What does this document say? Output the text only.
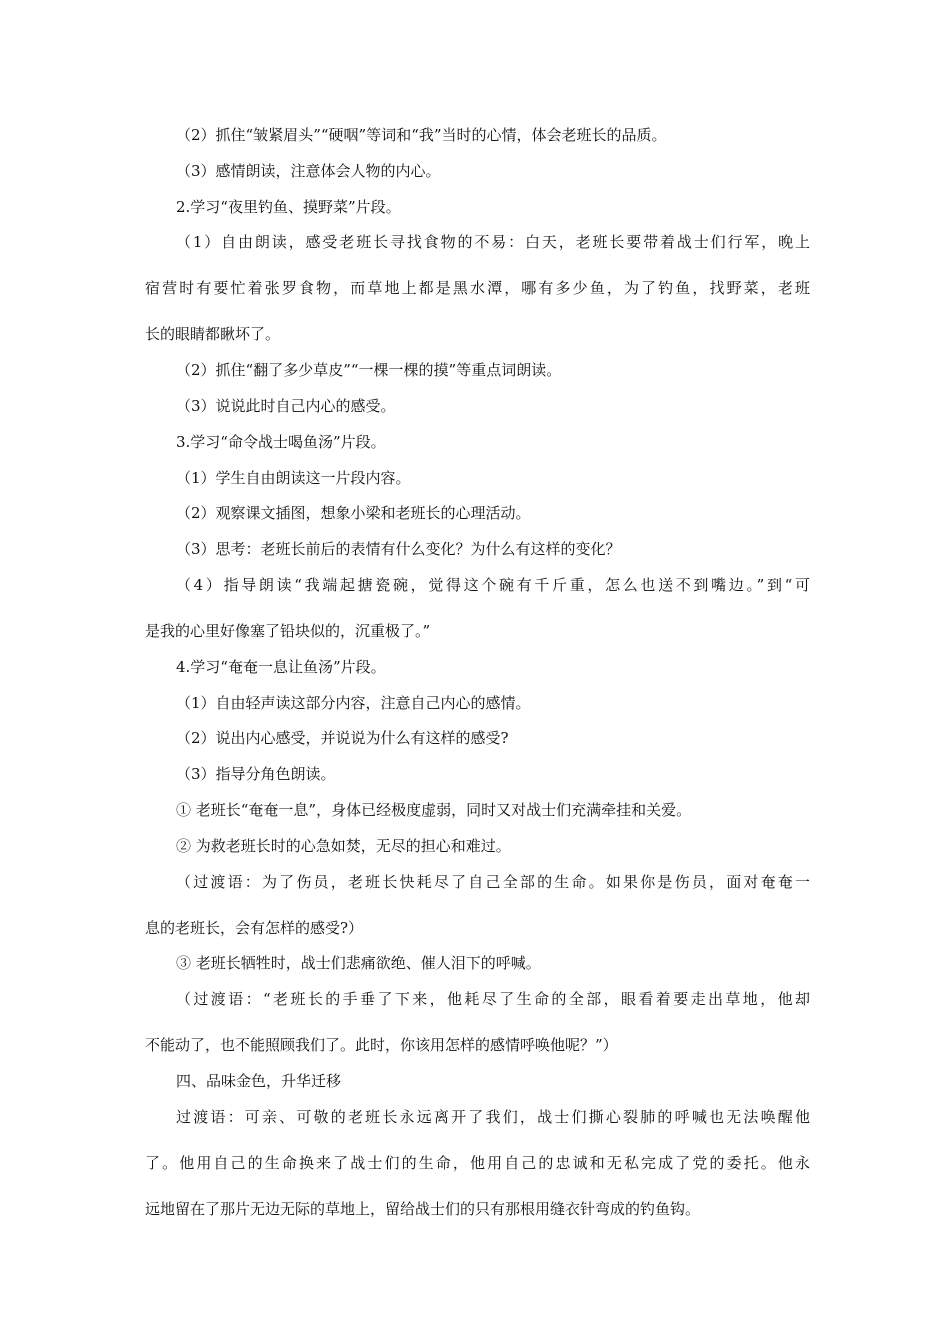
（2）抓住“皱紧眉头”“硬咽”等词和“我”当时的心情，体会老班长的品质。

（3）感情朗读，注意体会人物的内心。

2.学习“夜里钓鱼、摸野菜”片段。

（1）自由朗读，感受老班长寻找食物的不易：白天，老班长要带着战士们行军，晚上

宿营时有要忙着张罗食物，而草地上都是黑水潭，哪有多少鱼，为了钓鱼，找野菜，老班

长的眼睛都瞅坏了。

（2）抓住“翻了多少草皮”“一棵一棵的摸”等重点词朗读。

（3）说说此时自己内心的感受。

3.学习“命令战士喝鱼汤”片段。

（1）学生自由朗读这一片段内容。

（2）观察课文插图，想象小梁和老班长的心理活动。

（3）思考：老班长前后的表情有什么变化？为什么有这样的变化？

（4）指导朗读“我端起搪瓷碗，觉得这个碗有千斤重，怎么也送不到嘴边。”到“可

是我的心里好像塞了铅块似的，沉重极了。”

4.学习“奄奄一息让鱼汤”片段。

（1）自由轻声读这部分内容，注意自己内心的感情。

（2）说出内心感受，并说说为什么有这样的感受?

（3）指导分角色朗读。

① 老班长“奄奄一息”，身体已经极度虚弱，同时又对战士们充满牵挂和关爱。

② 为救老班长时的心急如焚，无尽的担心和难过。

（过渡语：为了伤员，老班长快耗尽了自己全部的生命。如果你是伤员，面对奄奄一

息的老班长，会有怎样的感受?）

③ 老班长牺牲时，战士们悲痛欲绝、催人泪下的呼喊。

（过渡语：“老班长的手垂了下来，他耗尽了生命的全部，眼看着要走出草地，他却

不能动了，也不能照顾我们了。此时，你该用怎样的感情呼唤他呢？”）

四、品味金色，升华迁移

过渡语：可亲、可敬的老班长永远离开了我们，战士们撕心裂肺的呼喊也无法唤醒他

了。他用自己的生命换来了战士们的生命，他用自己的忠诚和无私完成了党的委托。他永

远地留在了那片无边无际的草地上，留给战士们的只有那根用缝衣针弯成的钓鱼钩。
